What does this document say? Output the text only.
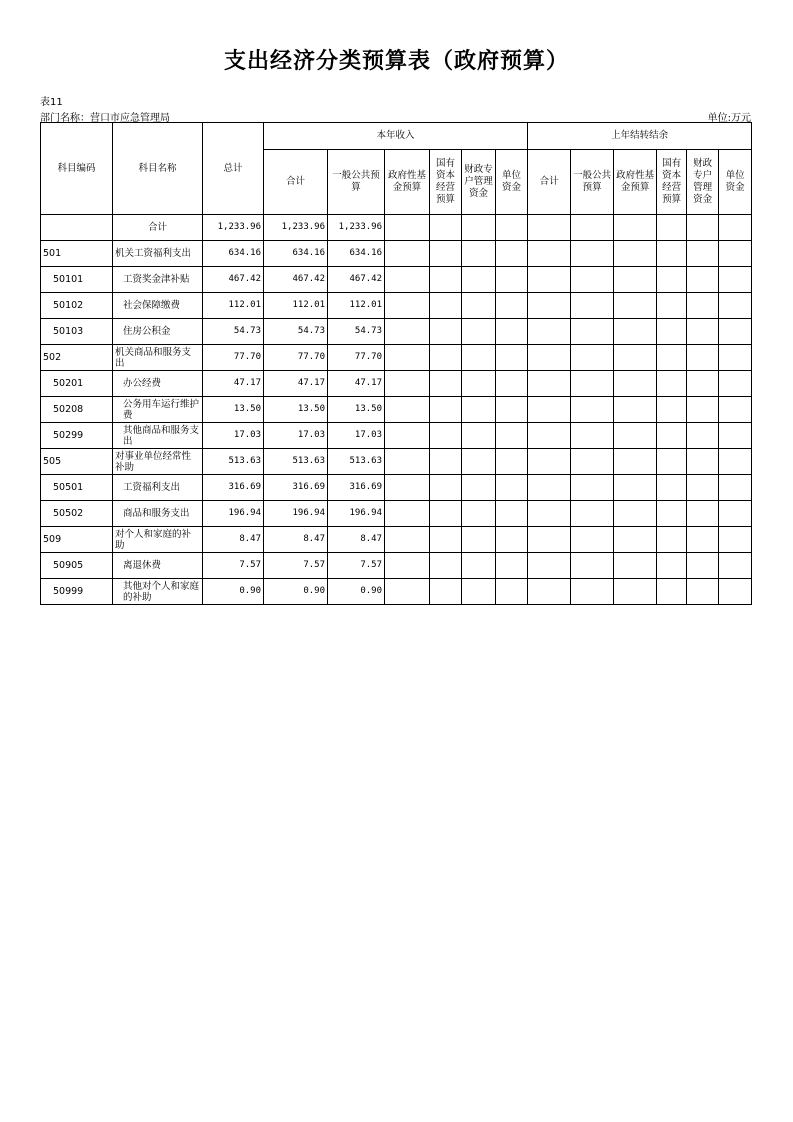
支出经济分类预算表（政府预算）
表11
部门名称：营口市应急管理局	单位:万元
科目编码	科目名称	总计	本年收入						上年结转结余					
			合计	一般公共预算	政府性基金预算	国有资本经营预算	财政专户管理资金	单位资金	合计	一般公共预算	政府性基金预算	国有资本经营预算	财政专户管理资金	单位资金
	合计	1,233.96	1,233.96	1,233.96										
501	机关工资福利支出	634.16	634.16	634.16										
50101	工资奖金津补贴	467.42	467.42	467.42										
50102	社会保障缴费	112.01	112.01	112.01										
50103	住房公积金	54.73	54.73	54.73										
502	机关商品和服务支出	77.70	77.70	77.70										
50201	办公经费	47.17	47.17	47.17										
50208	公务用车运行维护费	13.50	13.50	13.50										
50299	其他商品和服务支出	17.03	17.03	17.03										
505	对事业单位经常性补助	513.63	513.63	513.63										
50501	工资福利支出	316.69	316.69	316.69										
50502	商品和服务支出	196.94	196.94	196.94										
509	对个人和家庭的补助	8.47	8.47	8.47										
50905	离退休费	7.57	7.57	7.57										
50999	其他对个人和家庭的补助	0.90	0.90	0.90										
